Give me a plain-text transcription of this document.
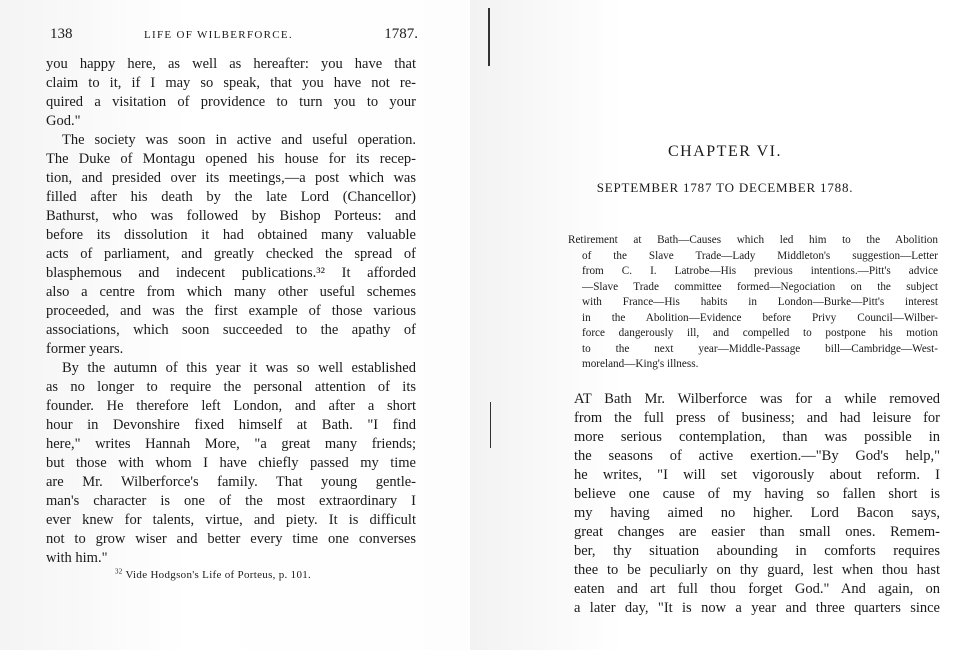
138	LIFE OF WILBERFORCE.	1787.
you happy here, as well as hereafter: you have that
claim to it, if I may so speak, that you have not re-
quired a visitation of providence to turn you to your
God."
The society was soon in active and useful operation.
The Duke of Montagu opened his house for its recep-
tion, and presided over its meetings,—a post which was
filled after his death by the late Lord (Chancellor)
Bathurst, who was followed by Bishop Porteus: and
before its dissolution it had obtained many valuable
acts of parliament, and greatly checked the spread of
blasphemous and indecent publications.³² It afforded
also a centre from which many other useful schemes
proceeded, and was the first example of those various
associations, which soon succeeded to the apathy of
former years.
By the autumn of this year it was so well established
as no longer to require the personal attention of its
founder. He therefore left London, and after a short
hour in Devonshire fixed himself at Bath. "I find
here," writes Hannah More, "a great many friends;
but those with whom I have chiefly passed my time
are Mr. Wilberforce's family. That young gentle-
man's character is one of the most extraordinary I
ever knew for talents, virtue, and piety. It is difficult
not to grow wiser and better every time one converses
with him."
$^{32}$ Vide Hodgson's Life of Porteus, p. 101.
CHAPTER VI.
SEPTEMBER 1787 TO DECEMBER 1788.
Retirement at Bath—Causes which led him to the Abolition
of the Slave Trade—Lady Middleton's suggestion—Letter
from C. I. Latrobe—His previous intentions.—Pitt's advice
—Slave Trade committee formed—Negociation on the subject
with France—His habits in London—Burke—Pitt's interest
in the Abolition—Evidence before Privy Council—Wilber-
force dangerously ill, and compelled to postpone his motion
to the next year—Middle-Passage bill—Cambridge—West-
moreland—King's illness.
AT Bath Mr. Wilberforce was for a while removed
from the full press of business; and had leisure for
more serious contemplation, than was possible in
the seasons of active exertion.—"By God's help,"
he writes, "I will set vigorously about reform. I
believe one cause of my having so fallen short is
my having aimed no higher. Lord Bacon says,
great changes are easier than small ones. Remem-
ber, thy situation abounding in comforts requires
thee to be peculiarly on thy guard, lest when thou hast
eaten and art full thou forget God." And again, on
a later day, "It is now a year and three quarters since
